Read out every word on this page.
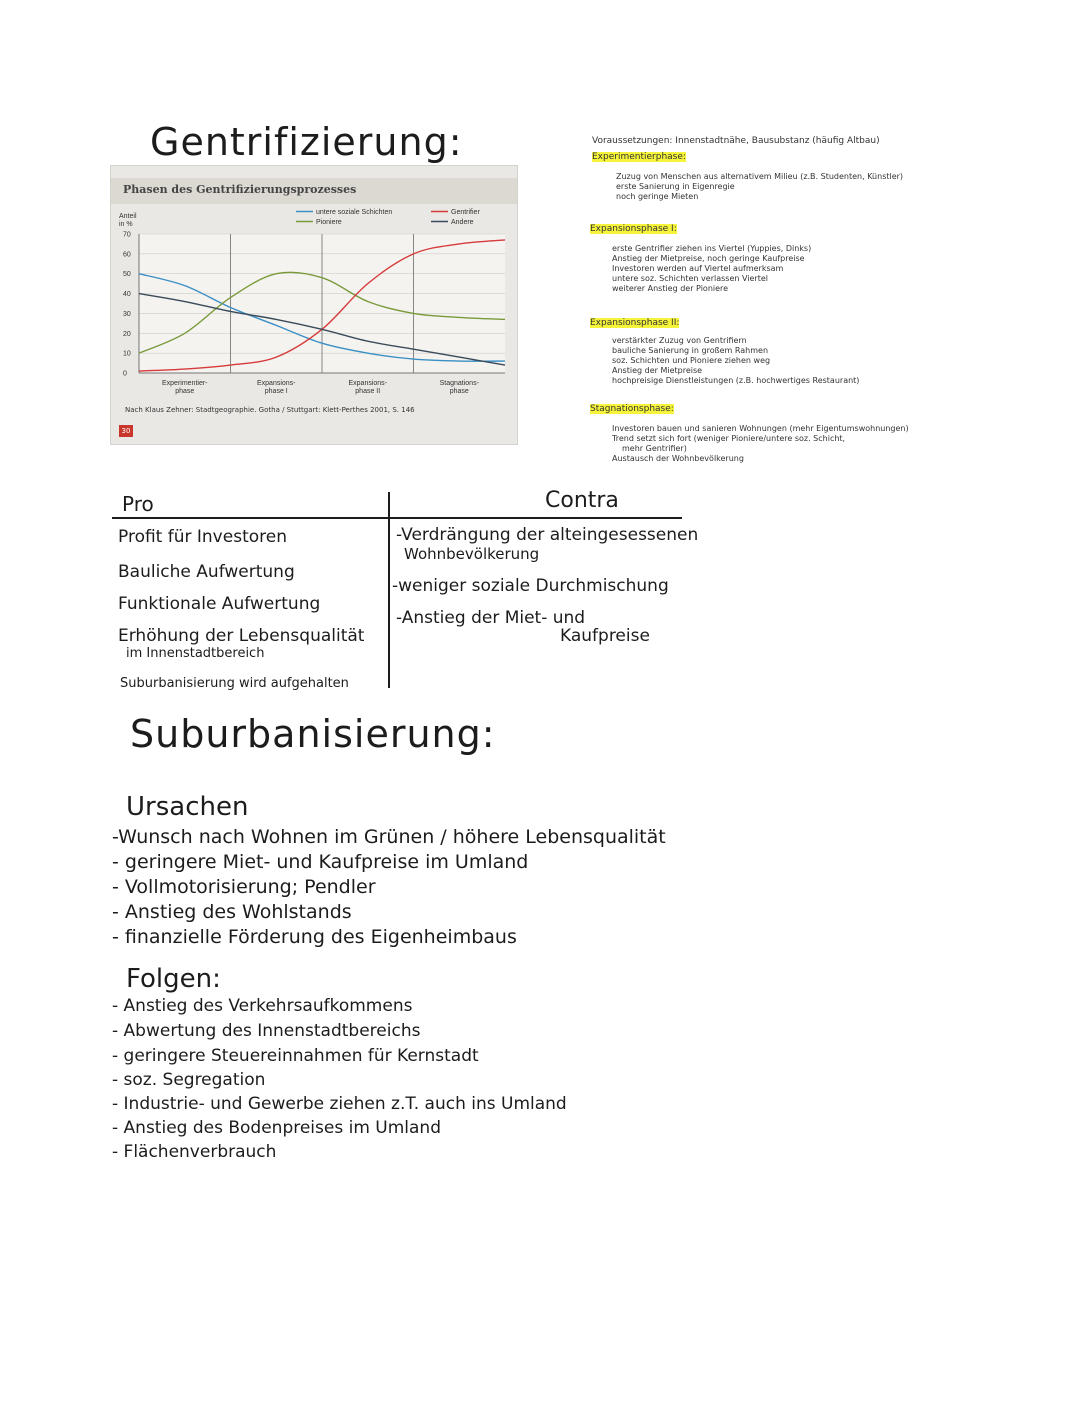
Gentrifizierung:
Phasen des Gentrifizierungsprozesses
Anteil
in %
0
10
20
30
40
50
60
70
Experimentier-
phase
Expansions-
phase I
Expansions-
phase II
Stagnations-
phase
untere soziale Schichten
Pioniere
Gentrifier
Andere
Nach Klaus Zehner: Stadtgeographie. Gotha / Stuttgart: Klett-Perthes 2001, S. 146
30
Voraussetzungen: Innenstadtnähe, Bausubstanz (häufig Altbau)
Experimentierphase:
Zuzug von Menschen aus alternativem Milieu (z.B. Studenten, Künstler)
erste Sanierung in Eigenregie
noch geringe Mieten
Expansionsphase I:
erste Gentrifier ziehen ins Viertel (Yuppies, Dinks)
Anstieg der Mietpreise, noch geringe Kaufpreise
Investoren werden auf Viertel aufmerksam
untere soz. Schichten verlassen Viertel
weiterer Anstieg der Pioniere
Expansionsphase II:
verstärkter Zuzug von Gentrifiern
bauliche Sanierung in großem Rahmen
soz. Schichten und Pioniere ziehen weg
Anstieg der Mietpreise
hochpreisige Dienstleistungen (z.B. hochwertiges Restaurant)
Stagnationsphase:
Investoren bauen und sanieren Wohnungen (mehr Eigentumswohnungen)
Trend setzt sich fort (weniger Pioniere/untere soz. Schicht,
mehr Gentrifier)
Austausch der Wohnbevölkerung
Pro	Contra
Profit für Investoren
Bauliche Aufwertung
Funktionale Aufwertung
Erhöhung der Lebensqualität
im Innenstadtbereich
Suburbanisierung wird aufgehalten
-Verdrängung der alteingesessenen
Wohnbevölkerung
-weniger soziale Durchmischung
-Anstieg der Miet- und
Kaufpreise
Suburbanisierung:
Ursachen
-Wunsch nach Wohnen im Grünen / höhere Lebensqualität
- geringere Miet- und Kaufpreise im Umland
- Vollmotorisierung; Pendler
- Anstieg des Wohlstands
- finanzielle Förderung des Eigenheimbaus
Folgen:
- Anstieg des Verkehrsaufkommens
- Abwertung des Innenstadtbereichs
- geringere Steuereinnahmen für Kernstadt
- soz. Segregation
- Industrie- und Gewerbe ziehen z.T. auch ins Umland
- Anstieg des Bodenpreises im Umland
- Flächenverbrauch
